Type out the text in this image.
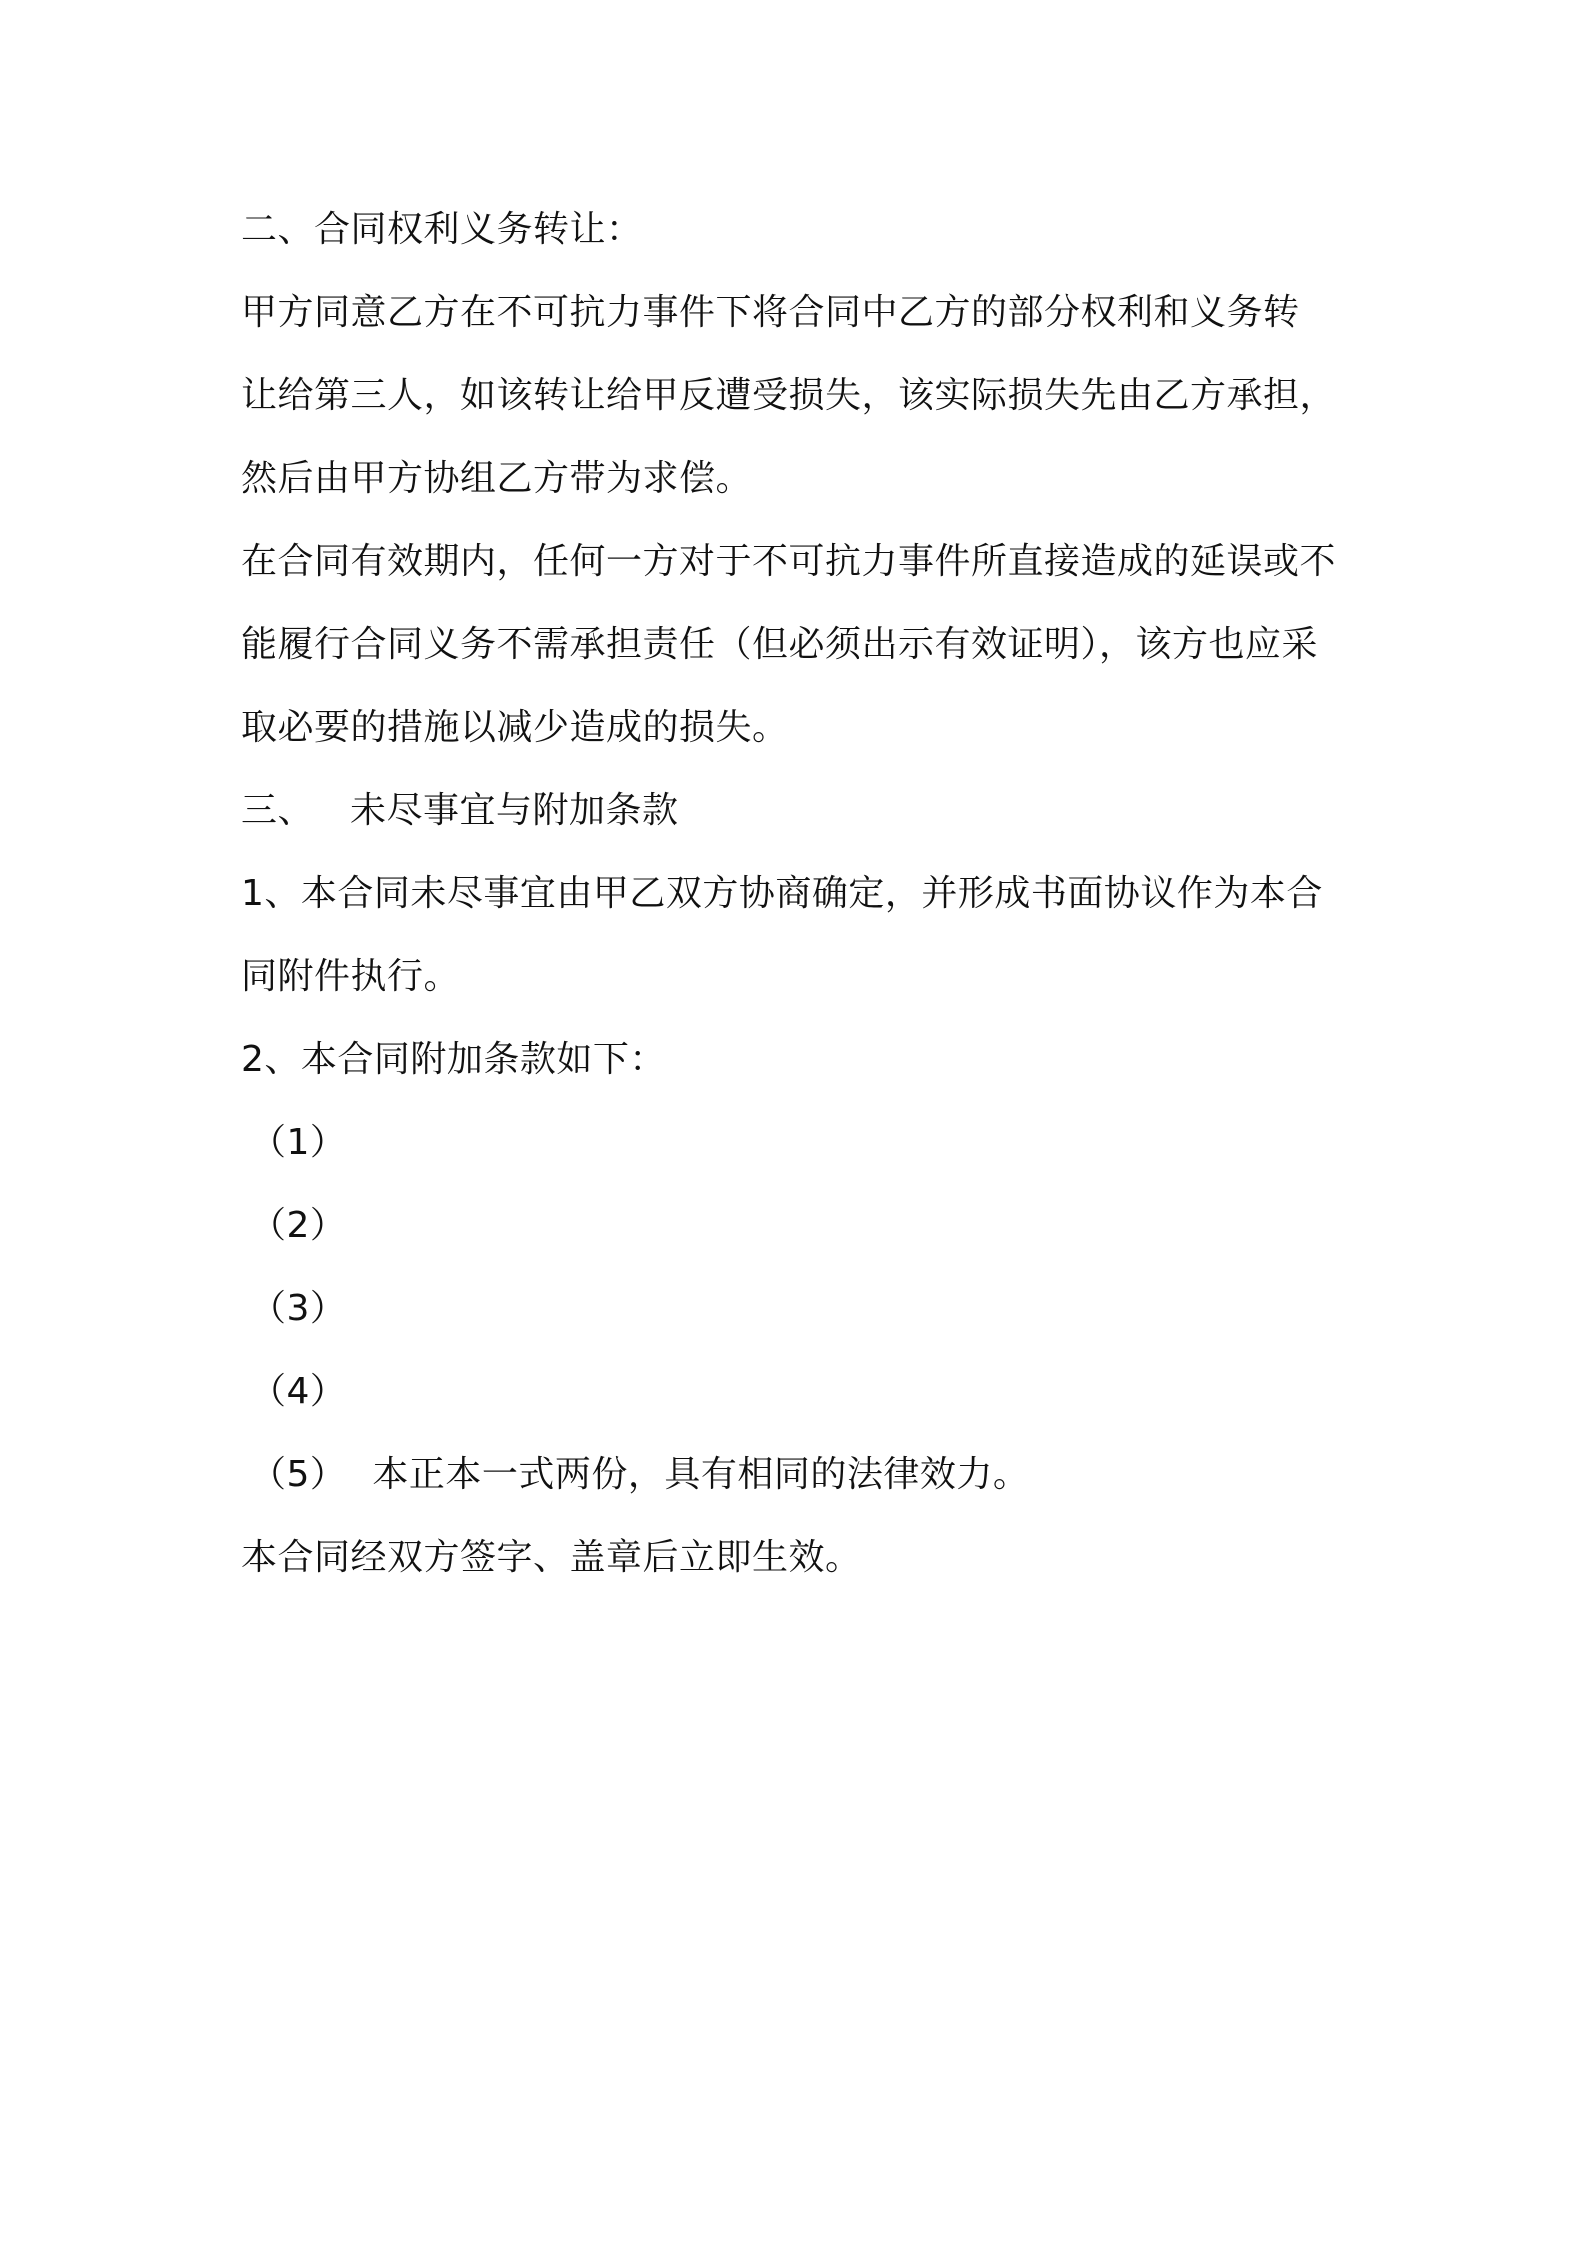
二、合同权利义务转让：
甲方同意乙方在不可抗力事件下将合同中乙方的部分权利和义务转
让给第三人，如该转让给甲反遭受损失，该实际损失先由乙方承担，
然后由甲方协组乙方带为求偿。
在合同有效期内，任何一方对于不可抗力事件所直接造成的延误或不
能履行合同义务不需承担责任（但必须出示有效证明），该方也应采
取必要的措施以减少造成的损失。
三、 未尽事宜与附加条款
1、本合同未尽事宜由甲乙双方协商确定，并形成书面协议作为本合
同附件执行。
2、本合同附加条款如下：
（1）
（2）
（3）
（4）
（5） 本正本一式两份，具有相同的法律效力。
本合同经双方签字、盖章后立即生效。
